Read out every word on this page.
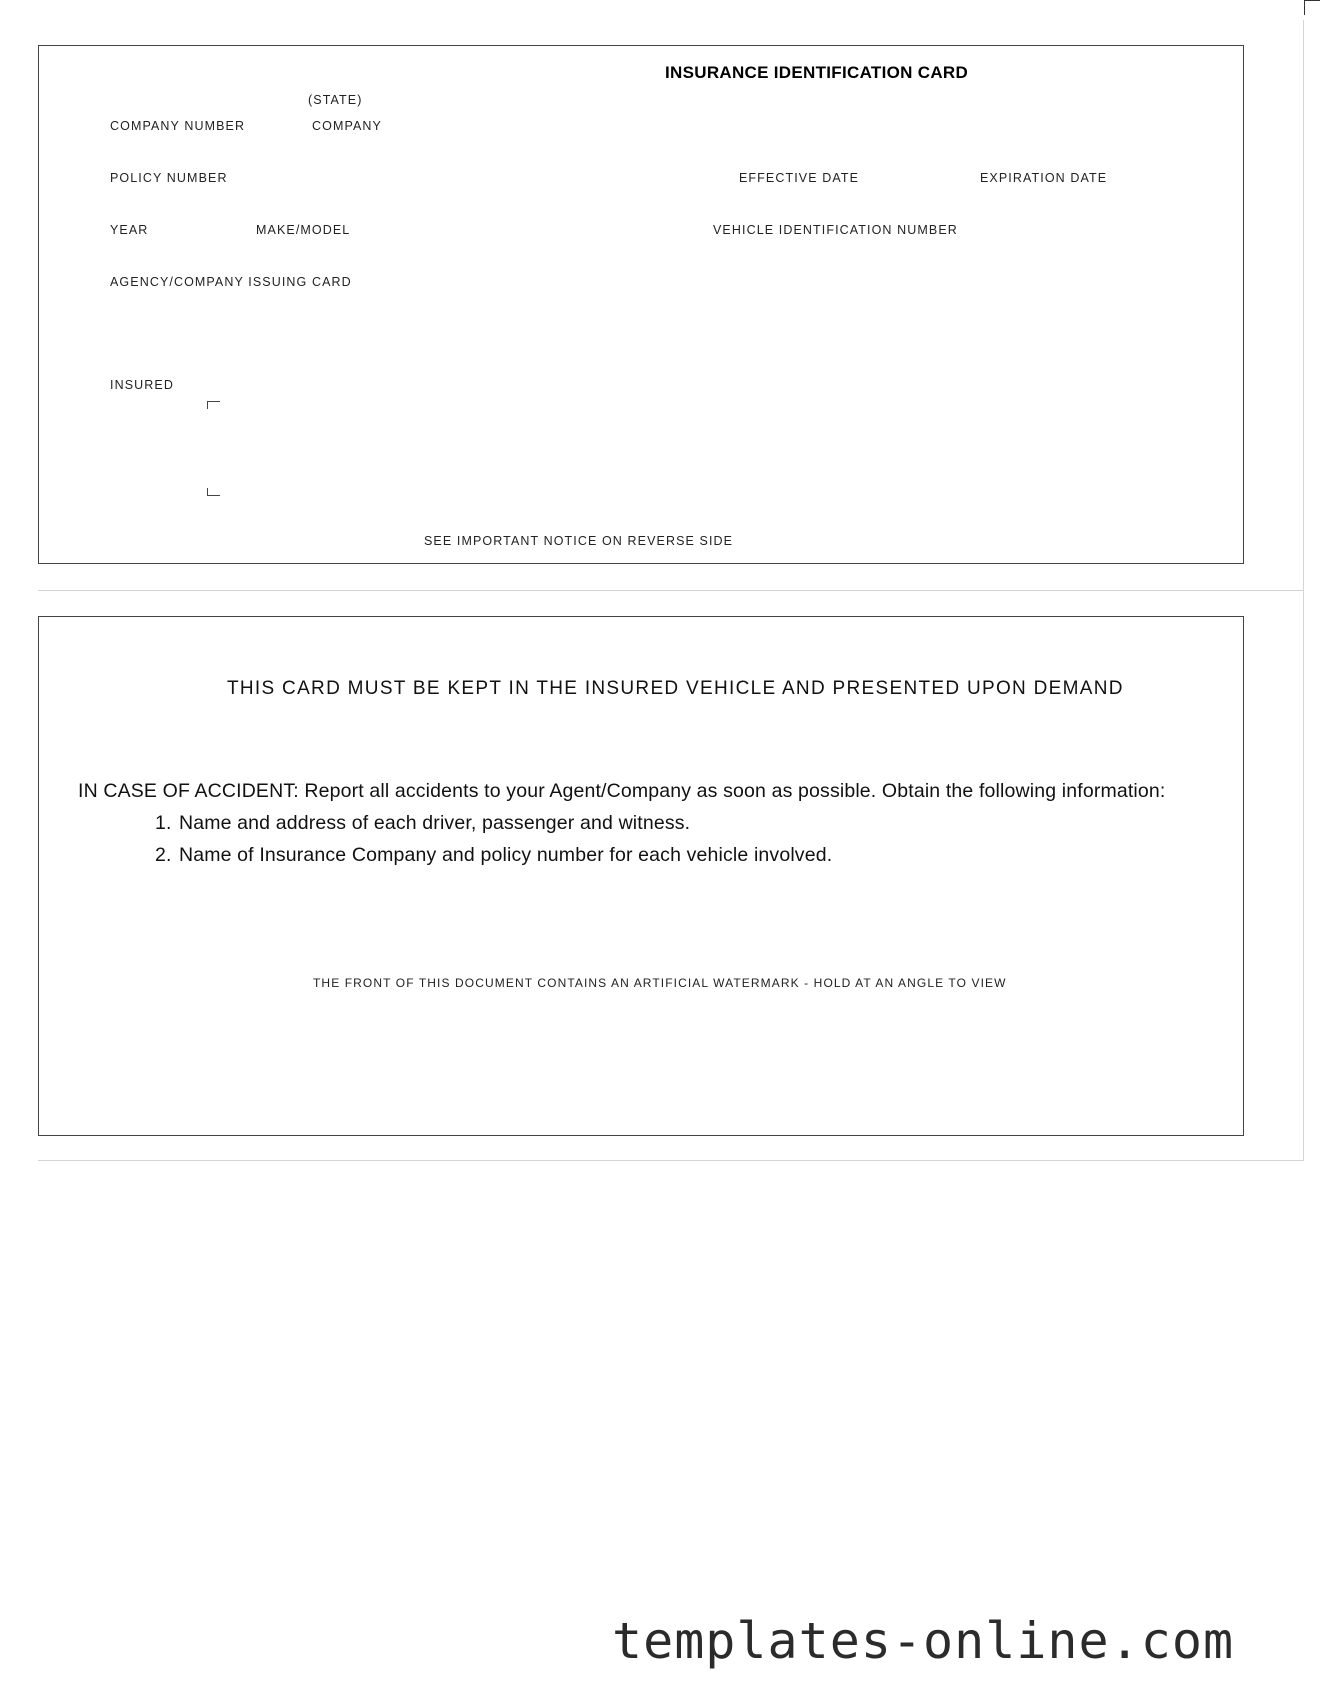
INSURANCE IDENTIFICATION CARD
(STATE)
COMPANY NUMBER	COMPANY
POLICY NUMBER	EFFECTIVE DATE	EXPIRATION DATE
YEAR	MAKE/MODEL	VEHICLE IDENTIFICATION NUMBER
AGENCY/COMPANY ISSUING CARD
INSURED
SEE IMPORTANT NOTICE ON REVERSE SIDE
THIS CARD MUST BE KEPT IN THE INSURED VEHICLE AND PRESENTED UPON DEMAND
IN CASE OF ACCIDENT: Report all accidents to your Agent/Company as soon as possible. Obtain the following information:
1. Name and address of each driver, passenger and witness.
2. Name of Insurance Company and policy number for each vehicle involved.
THE FRONT OF THIS DOCUMENT CONTAINS AN ARTIFICIAL WATERMARK - HOLD AT AN ANGLE TO VIEW
templates-online.com
